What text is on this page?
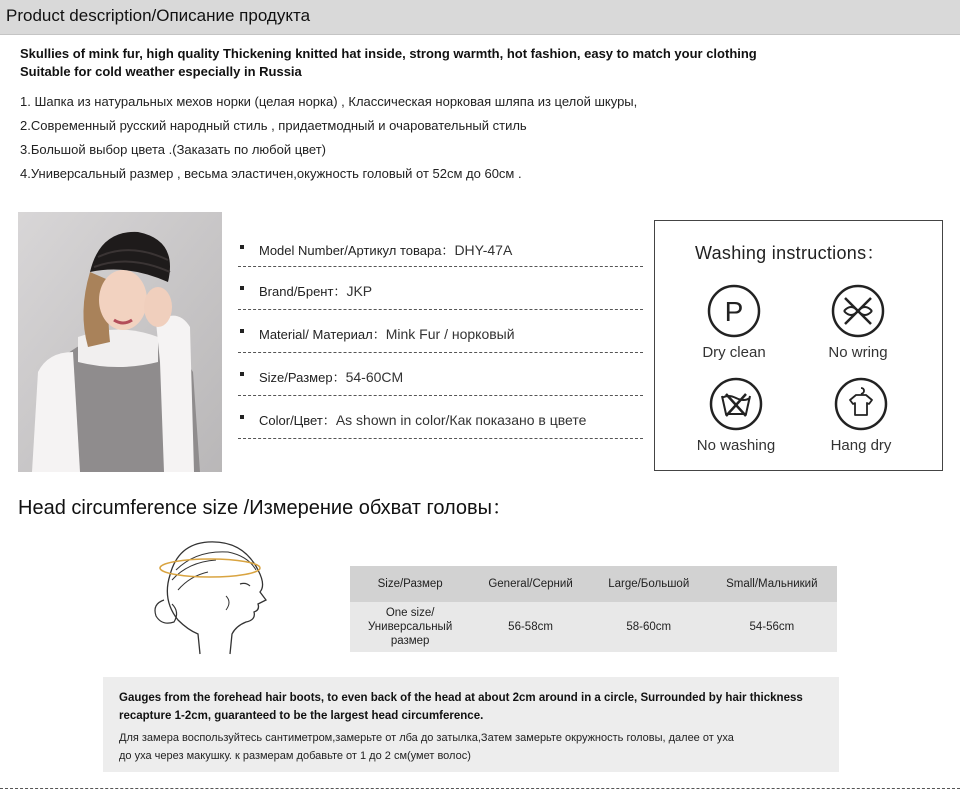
Product description/Описание продукта
Skullies of mink fur, high quality Thickening knitted hat inside, strong warmth, hot fashion, easy to match your clothing
Suitable for cold weather especially in Russia
1. Шапка из натуральных мехов норки (целая норка) , Классическая норковая шляпа из целой шкуры,
2.Современный русский народный стиль , придаетмодный и очаровательный стиль
3.Большой выбор цвета .(Заказать по любой цвет)
4.Универсальный размер , весьма эластичен,окужность головый от 52см до 60см .
Model Number/Артикул товара：DHY-47A
Brand/Брент：JKP
Material/ Материал：Mink Fur / норковый
Size/Размер：54-60CM
Color/Цвет：As shown in color/Как показано в цвете
Washing instructions：
P
Dry clean	No wring
No washing	Hang dry
Head circumference size /Измерение обхват головы：
Size/Размер	General/Серний	Large/Большой	Small/Мальникий

One size/
Универсальный
размер	56-58cm	58-60cm	54-56cm
Gauges from the forehead hair boots, to even back of the head at about 2cm around in a circle, Surrounded by hair thickness
recapture 1-2cm, guaranteed to be the largest head circumference.
Для замера воспользуйтесь сантиметром,замерьте от лба до затылка,Затем замерьте окружность головы, далее от уха
до уха через макушку. к размерам добавьте от 1 до 2 см(умет волос)
